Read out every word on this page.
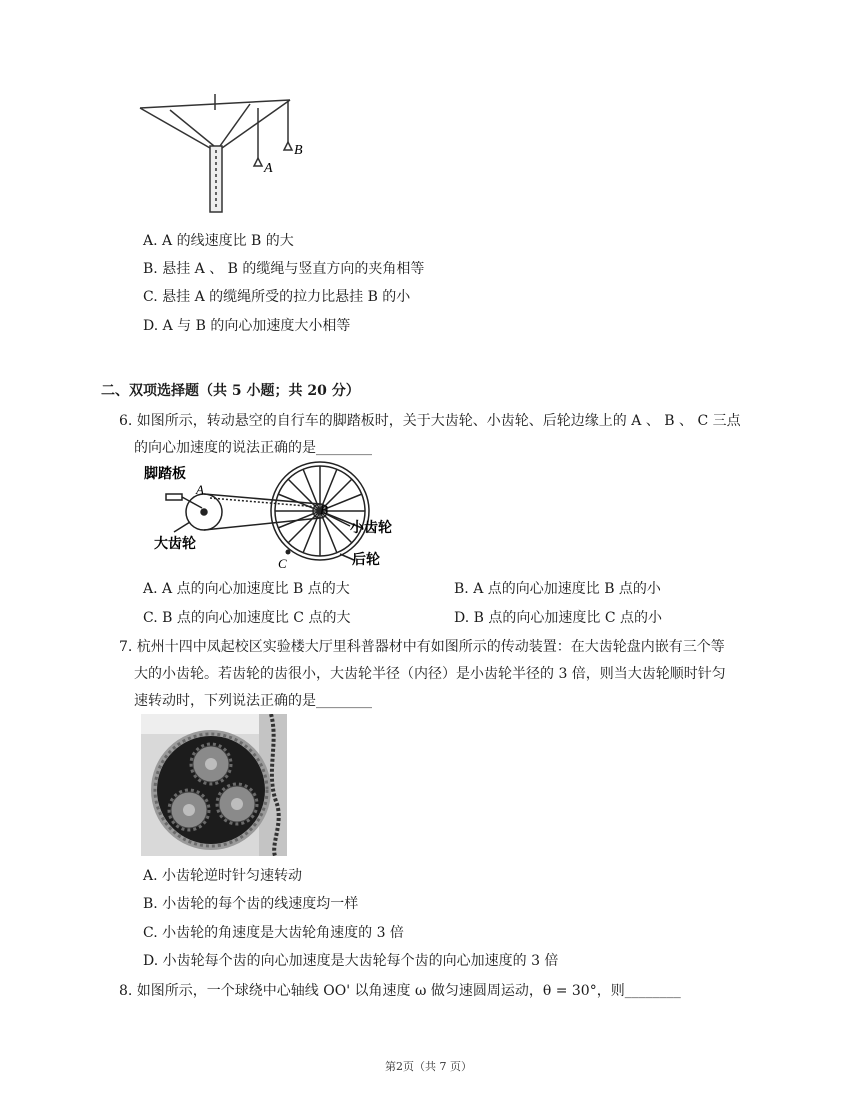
A
B
A. A 的线速度比 B 的大
B. 悬挂 A 、 B 的缆绳与竖直方向的夹角相等
C. 悬挂 A 的缆绳所受的拉力比悬挂 B 的小
D. A 与 B 的向心加速度大小相等
二、双项选择题（共 5 小题；共 20 分）
6. 如图所示，转动悬空的自行车的脚踏板时，关于大齿轮、小齿轮、后轮边缘上的 A 、 B 、 C 三点
的向心加速度的说法正确的是________
脚踏板
大齿轮
小齿轮
后轮
A
B
C
A. A 点的向心加速度比 B 点的大	B. A 点的向心加速度比 B 点的小
C. B 点的向心加速度比 C 点的大	D. B 点的向心加速度比 C 点的小
7. 杭州十四中凤起校区实验楼大厅里科普器材中有如图所示的传动装置：在大齿轮盘内嵌有三个等
大的小齿轮。若齿轮的齿很小，大齿轮半径（内径）是小齿轮半径的 3 倍，则当大齿轮顺时针匀
速转动时，下列说法正确的是________
A. 小齿轮逆时针匀速转动
B. 小齿轮的每个齿的线速度均一样
C. 小齿轮的角速度是大齿轮角速度的 3 倍
D. 小齿轮每个齿的向心加速度是大齿轮每个齿的向心加速度的 3 倍
8. 如图所示，一个球绕中心轴线 OO' 以角速度 ω 做匀速圆周运动，θ = 30°，则________
第2页（共 7 页）
